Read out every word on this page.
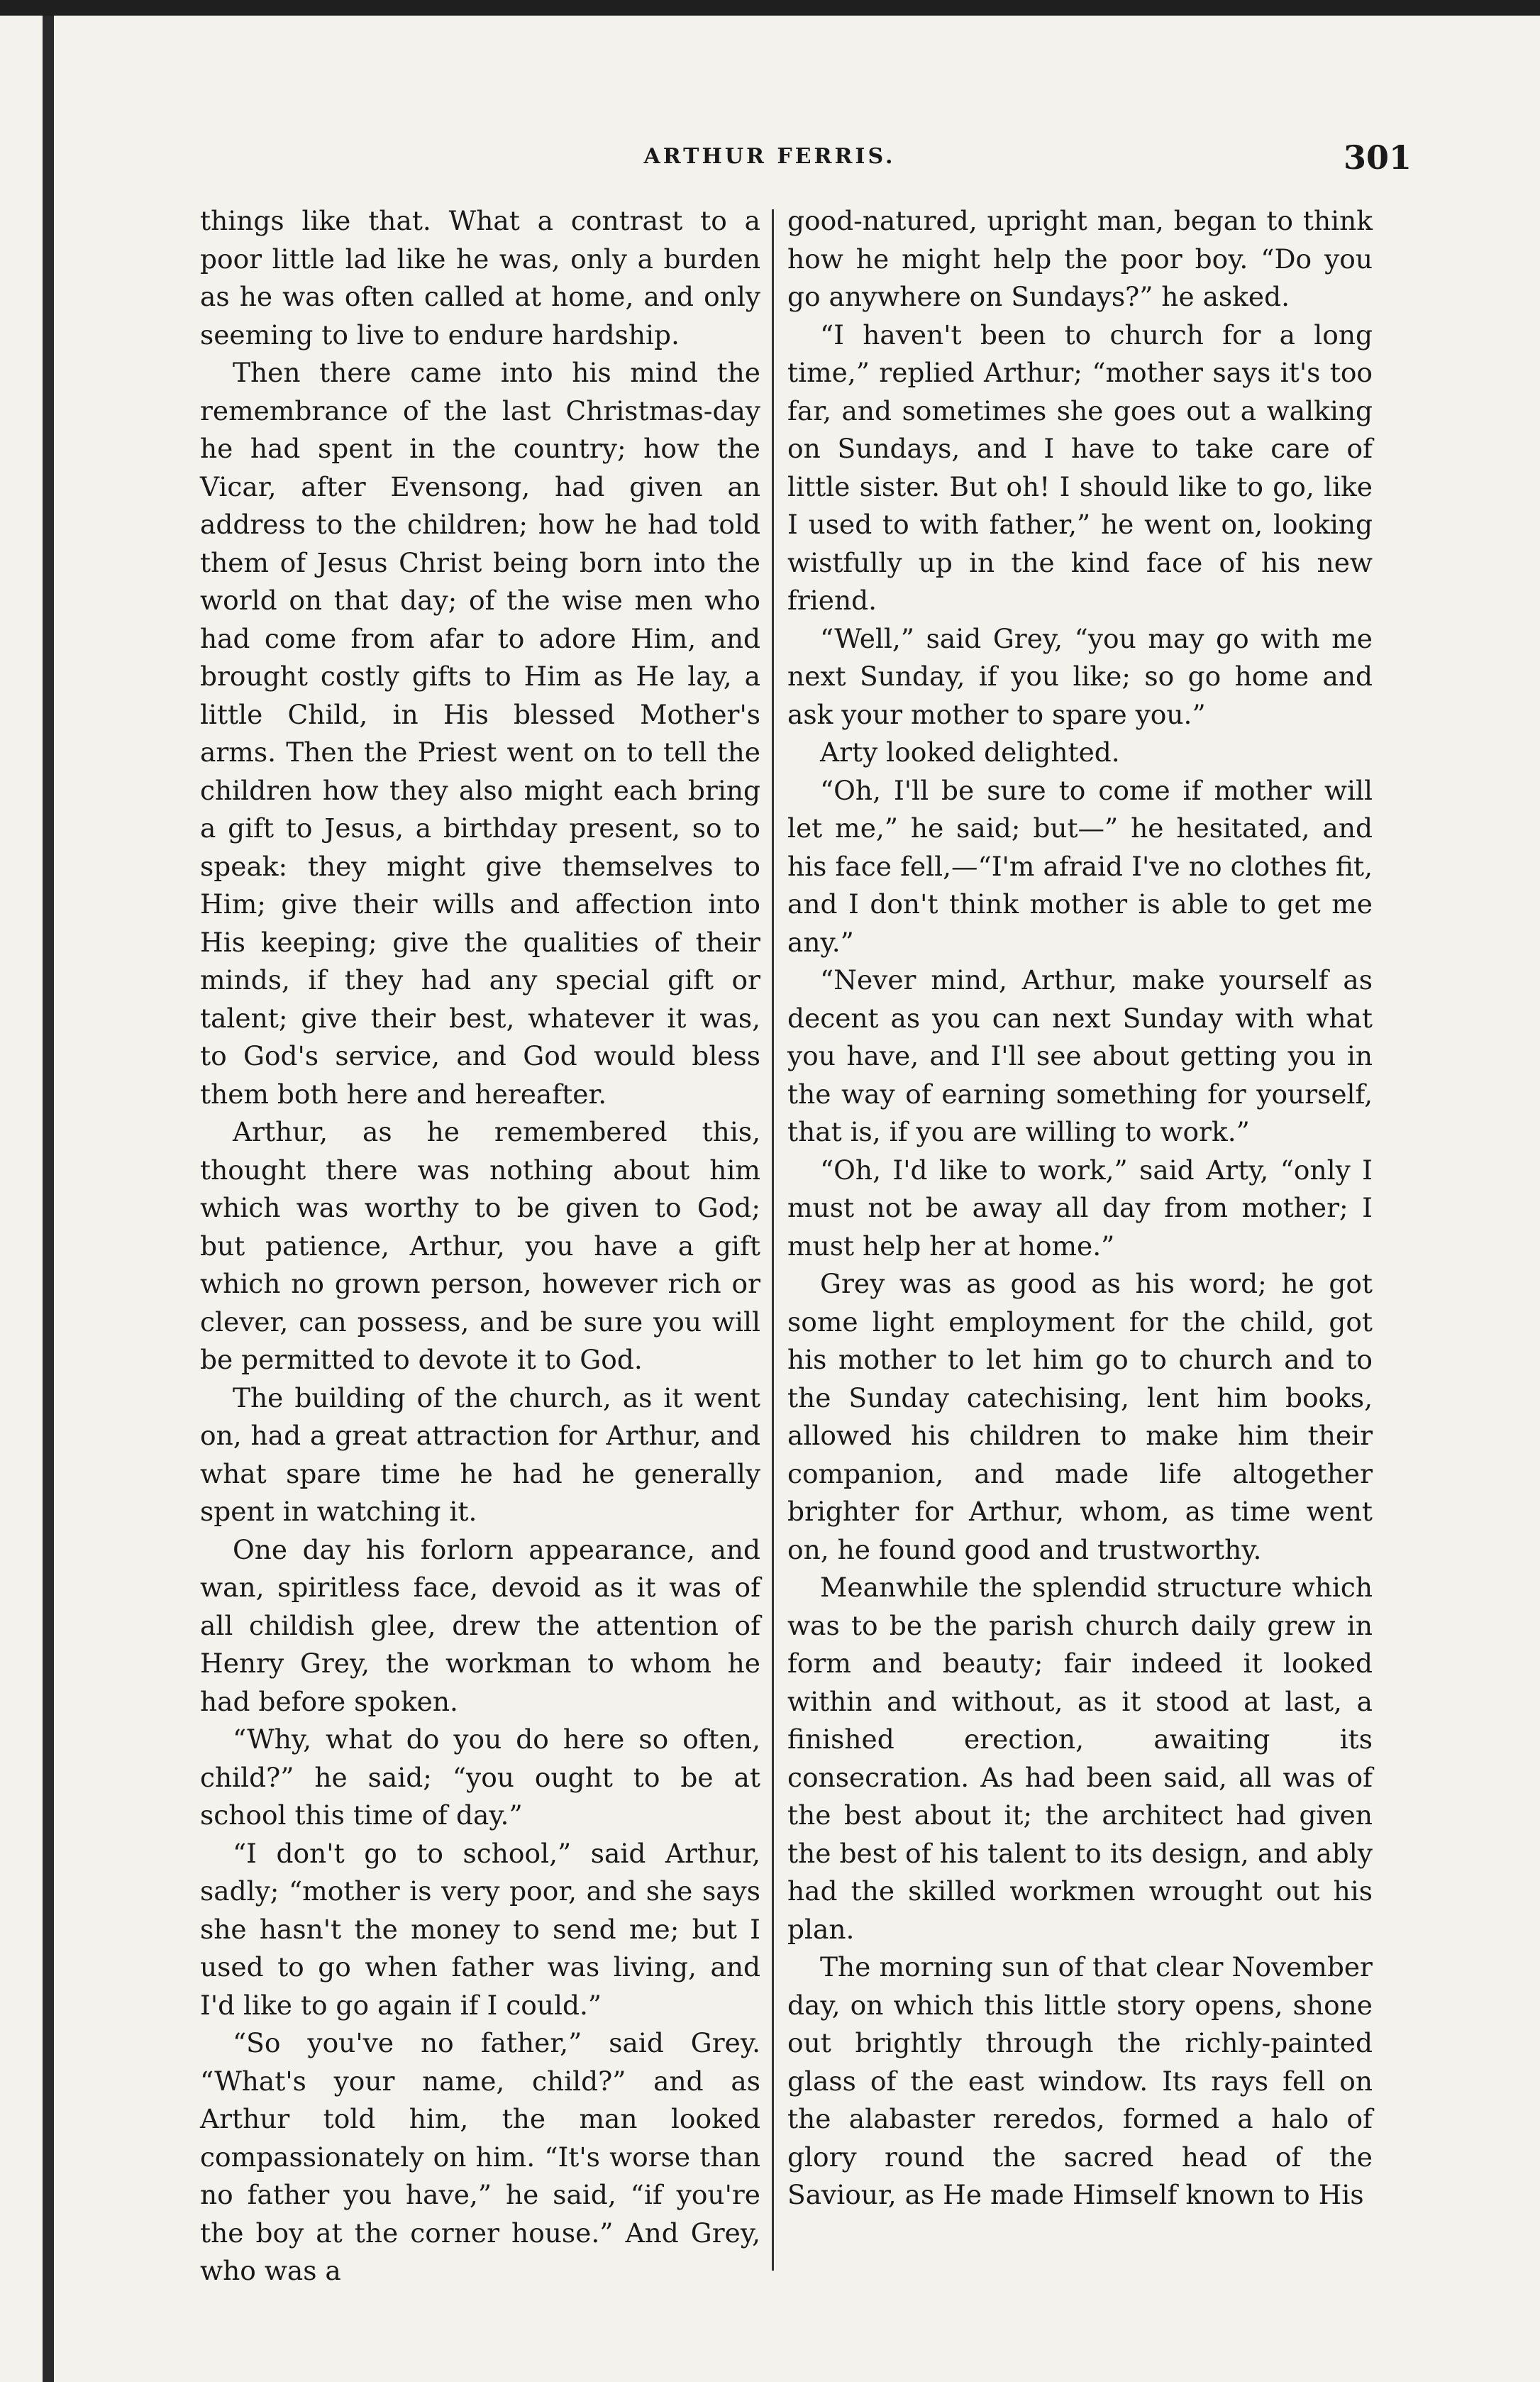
ARTHUR FERRIS.	301

things like that. What a contrast to a poor little lad like he was, only a burden as he was often called at home, and only seeming to live to endure hardship.

Then there came into his mind the remembrance of the last Christmas-day he had spent in the country; how the Vicar, after Evensong, had given an address to the children; how he had told them of Jesus Christ being born into the world on that day; of the wise men who had come from afar to adore Him, and brought costly gifts to Him as He lay, a little Child, in His blessed Mother's arms. Then the Priest went on to tell the children how they also might each bring a gift to Jesus, a birthday present, so to speak: they might give themselves to Him; give their wills and affection into His keeping; give the qualities of their minds, if they had any special gift or talent; give their best, whatever it was, to God's service, and God would bless them both here and hereafter.

Arthur, as he remembered this, thought there was nothing about him which was worthy to be given to God; but patience, Arthur, you have a gift which no grown person, however rich or clever, can possess, and be sure you will be permitted to devote it to God.

The building of the church, as it went on, had a great attraction for Arthur, and what spare time he had he generally spent in watching it.

One day his forlorn appearance, and wan, spiritless face, devoid as it was of all childish glee, drew the attention of Henry Grey, the workman to whom he had before spoken.

“Why, what do you do here so often, child?” he said; “you ought to be at school this time of day.”

“I don't go to school,” said Arthur, sadly; “mother is very poor, and she says she hasn't the money to send me; but I used to go when father was living, and I'd like to go again if I could.”

“So you've no father,” said Grey. “What's your name, child?” and as Arthur told him, the man looked compassionately on him. “It's worse than no father you have,” he said, “if you're the boy at the corner house.” And Grey, who was a

good-natured, upright man, began to think how he might help the poor boy. “Do you go anywhere on Sundays?” he asked.

“I haven't been to church for a long time,” replied Arthur; “mother says it's too far, and sometimes she goes out a walking on Sundays, and I have to take care of little sister. But oh! I should like to go, like I used to with father,” he went on, looking wistfully up in the kind face of his new friend.

“Well,” said Grey, “you may go with me next Sunday, if you like; so go home and ask your mother to spare you.”

Arty looked delighted.

“Oh, I'll be sure to come if mother will let me,” he said; but—” he hesitated, and his face fell,—“I'm afraid I've no clothes fit, and I don't think mother is able to get me any.”

“Never mind, Arthur, make yourself as decent as you can next Sunday with what you have, and I'll see about getting you in the way of earning something for yourself, that is, if you are willing to work.”

“Oh, I'd like to work,” said Arty, “only I must not be away all day from mother; I must help her at home.”

Grey was as good as his word; he got some light employment for the child, got his mother to let him go to church and to the Sunday catechising, lent him books, allowed his children to make him their companion, and made life altogether brighter for Arthur, whom, as time went on, he found good and trustworthy.

Meanwhile the splendid structure which was to be the parish church daily grew in form and beauty; fair indeed it looked within and without, as it stood at last, a finished erection, awaiting its consecration. As had been said, all was of the best about it; the architect had given the best of his talent to its design, and ably had the skilled workmen wrought out his plan.

The morning sun of that clear November day, on which this little story opens, shone out brightly through the richly-painted glass of the east window. Its rays fell on the alabaster reredos, formed a halo of glory round the sacred head of the Saviour, as He made Himself known to His
